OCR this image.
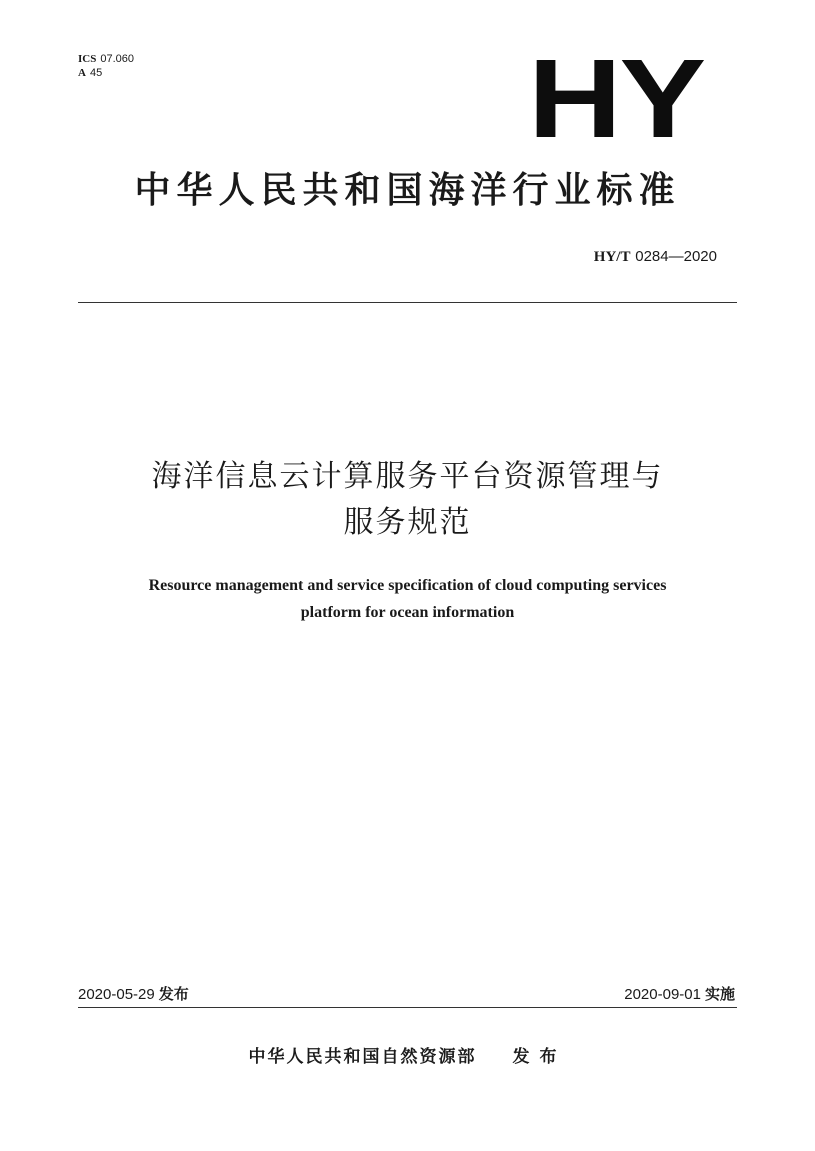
ICS 07.060
A 45	HY
中华人民共和国海洋行业标准
HY/T 0284—2020
海洋信息云计算服务平台资源管理与
服务规范
Resource management and service specification of cloud computing services
platform for ocean information
2020-05-29 发布	2020-09-01 实施
中华人民共和国自然资源部 发布
